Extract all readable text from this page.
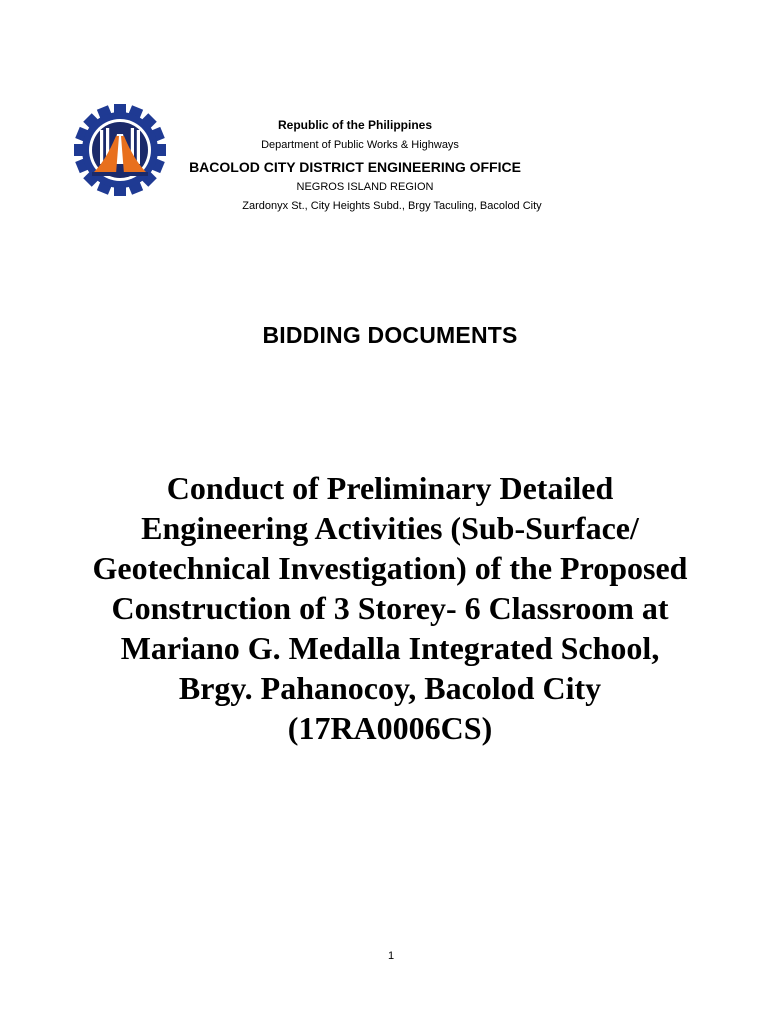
Republic of the Philippines
Department of Public Works & Highways
BACOLOD CITY DISTRICT ENGINEERING OFFICE
NEGROS ISLAND REGION
Zardonyx St., City Heights Subd., Brgy Taculing, Bacolod City
BIDDING DOCUMENTS
Conduct of Preliminary Detailed Engineering Activities (Sub-Surface/ Geotechnical Investigation) of the Proposed Construction of 3 Storey- 6 Classroom at Mariano G. Medalla Integrated School, Brgy. Pahanocoy, Bacolod City (17RA0006CS)
1
